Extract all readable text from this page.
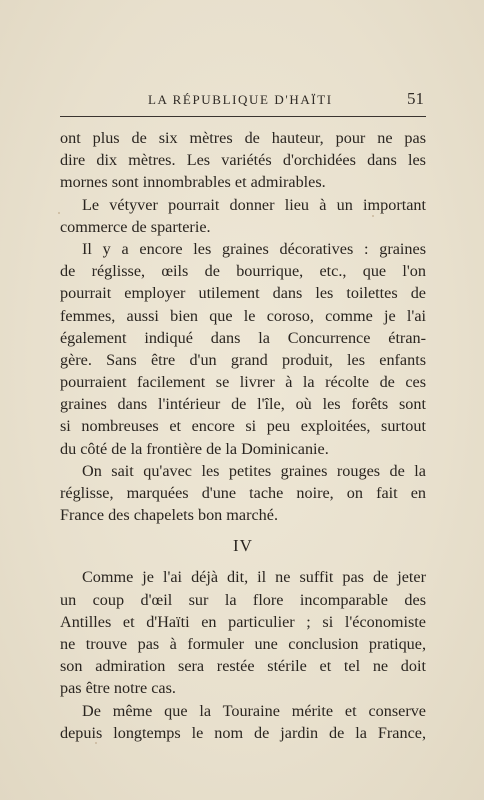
LA RÉPUBLIQUE D'HAÏTI	51
ont plus de six mètres de hauteur, pour ne pas
dire dix mètres. Les variétés d'orchidées dans les
mornes sont innombrables et admirables.
Le vétyver pourrait donner lieu à un important
commerce de sparterie.
Il y a encore les graines décoratives : graines
de réglisse, œils de bourrique, etc., que l'on
pourrait employer utilement dans les toilettes de
femmes, aussi bien que le coroso, comme je l'ai
également indiqué dans la Concurrence étran-
gère. Sans être d'un grand produit, les enfants
pourraient facilement se livrer à la récolte de ces
graines dans l'intérieur de l'île, où les forêts sont
si nombreuses et encore si peu exploitées, surtout
du côté de la frontière de la Dominicanie.
On sait qu'avec les petites graines rouges de la
réglisse, marquées d'une tache noire, on fait en
France des chapelets bon marché.
IV
Comme je l'ai déjà dit, il ne suffit pas de jeter
un coup d'œil sur la flore incomparable des
Antilles et d'Haïti en particulier ; si l'économiste
ne trouve pas à formuler une conclusion pratique,
son admiration sera restée stérile et tel ne doit
pas être notre cas.
De même que la Touraine mérite et conserve
depuis longtemps le nom de jardin de la France,
